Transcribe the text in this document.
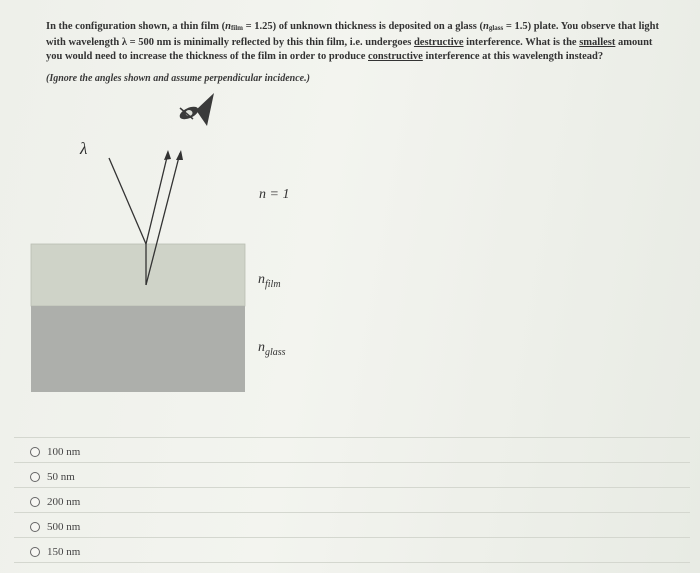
In the configuration shown, a thin film (nfilm = 1.25) of unknown thickness is deposited on a glass (nglass = 1.5) plate. You observe that light with wavelength λ = 500 nm is minimally reflected by this thin film, i.e. undergoes destructive interference. What is the smallest amount you would need to increase the thickness of the film in order to produce constructive interference at this wavelength instead?
(Ignore the angles shown and assume perpendicular incidence.)
λ
n = 1
$n_{film}$
$n_{glass}$
100 nm
50 nm
200 nm
500 nm
150 nm
